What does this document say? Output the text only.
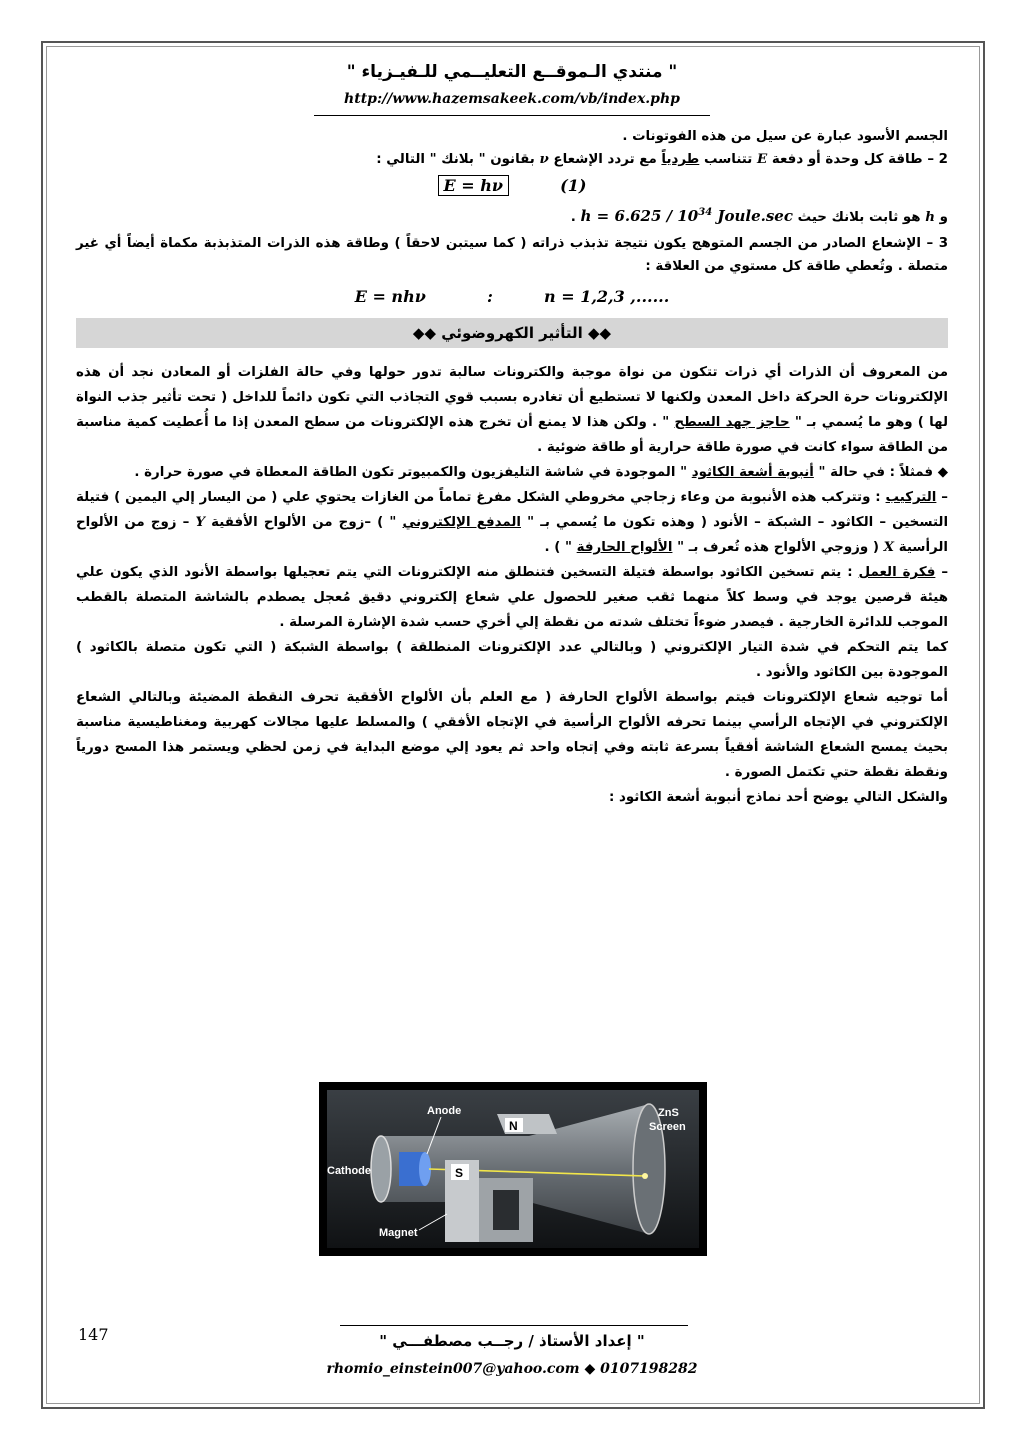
" منتدي الـموقــع التعليــمي للـفيـزياء "
http://www.hazemsakeek.com/vb/index.php

الجسم الأسود عبارة عن سيل من هذه الفوتونات .

2 – طاقة كل وحدة أو دفعة E تتناسب طردياً مع تردد الإشعاع ν بقانون " بلانك " التالي :

E = hν	(1)

و h هو ثابت بلانك حيث $h = 6.625 / 10^{34}$ Joule.sec .

3 – الإشعاع الصادر من الجسم المتوهج يكون نتيجة تذبذب ذراته ( كما سيتبن لاحقاً ) وطاقة هذه الذرات المتذبذبة مكماة أيضاً أي غير متصلة . وتُعطي طاقة كل مستوي من العلاقة :

E = nhν	:	n = 1,2,3 ,......

◆◆ التأثير الكهروضوئي ◆◆

من المعروف أن الذرات أي ذرات تتكون من نواة موجبة والكترونات سالبة تدور حولها وفي حالة الفلزات أو المعادن نجد أن هذه الإلكترونات حرة الحركة داخل المعدن ولكنها لا تستطيع أن تغادره بسبب قوي التجاذب التي تكون دائماً للداخل ( تحت تأثير جذب النواة لها ) وهو ما يُسمي بـ " حاجز جهد السطح " . ولكن هذا لا يمنع أن تخرج هذه الإلكترونات من سطح المعدن إذا ما أُعطيت كمية مناسبة من الطاقة سواء كانت في صورة طاقة حرارية أو طاقة ضوئية .

◆ فمثلاً : في حالة " أنبوبة أشعة الكاثود " الموجودة في شاشة التليفزيون والكمبيوتر تكون الطاقة المعطاة في صورة حرارة .

– التركيب : وتتركب هذه الأنبوبة من وعاء زجاجي مخروطي الشكل مفرغ تماماً من الغازات يحتوي علي ( من اليسار إلي اليمين ) فتيلة التسخين – الكاثود – الشبكة – الأنود ( وهذه تكون ما يُسمي بـ " المدفع الإلكتروني " ) –زوج من الألواح الأفقية Y – زوج من الألواح الرأسية X ( وزوجي الألواح هذه تُعرف بـ " الألواح الحارفة " ) .

– فكرة العمل : يتم تسخين الكاثود بواسطة فتيلة التسخين فتنطلق منه الإلكترونات التي يتم تعجيلها بواسطة الأنود الذي يكون علي هيئة قرصين يوجد في وسط كلاً منهما ثقب صغير للحصول علي شعاع إلكتروني دقيق مُعجل يصطدم بالشاشة المتصلة بالقطب الموجب للدائرة الخارجية . فيصدر ضوءاً تختلف شدته من نقطة إلي أخري حسب شدة الإشارة المرسلة .

كما يتم التحكم في شدة التيار الإلكتروني ( وبالتالي عدد الإلكترونات المنطلقة ) بواسطة الشبكة ( التي تكون متصلة بالكاثود ) الموجودة بين الكاثود والأنود .

أما توجيه شعاع الإلكترونات فيتم بواسطة الألواح الحارفة ( مع العلم بأن الألواح الأفقية تحرف النقطة المضيئة وبالتالي الشعاع الإلكتروني في الإتجاه الرأسي بينما تحرفه الألواح الرأسية في الإتجاه الأفقي ) والمسلط عليها مجالات كهربية ومغناطيسية مناسبة بحيث يمسح الشعاع الشاشة أفقياً بسرعة ثابته وفي إتجاه واحد ثم يعود إلي موضع البداية في زمن لحظي ويستمر هذا المسح دورياً ونقطة نقطة حتي تكتمل الصورة .

والشكل التالي يوضح أحد نماذج أنبوبة أشعة الكاثود :

Anode	ZnS
Screen
Cathode
N
S
Magnet
147	" إعداد الأستاذ / رجــب مصطفـــي "
rhomio_einstein007@yahoo.com ◆ 0107198282
